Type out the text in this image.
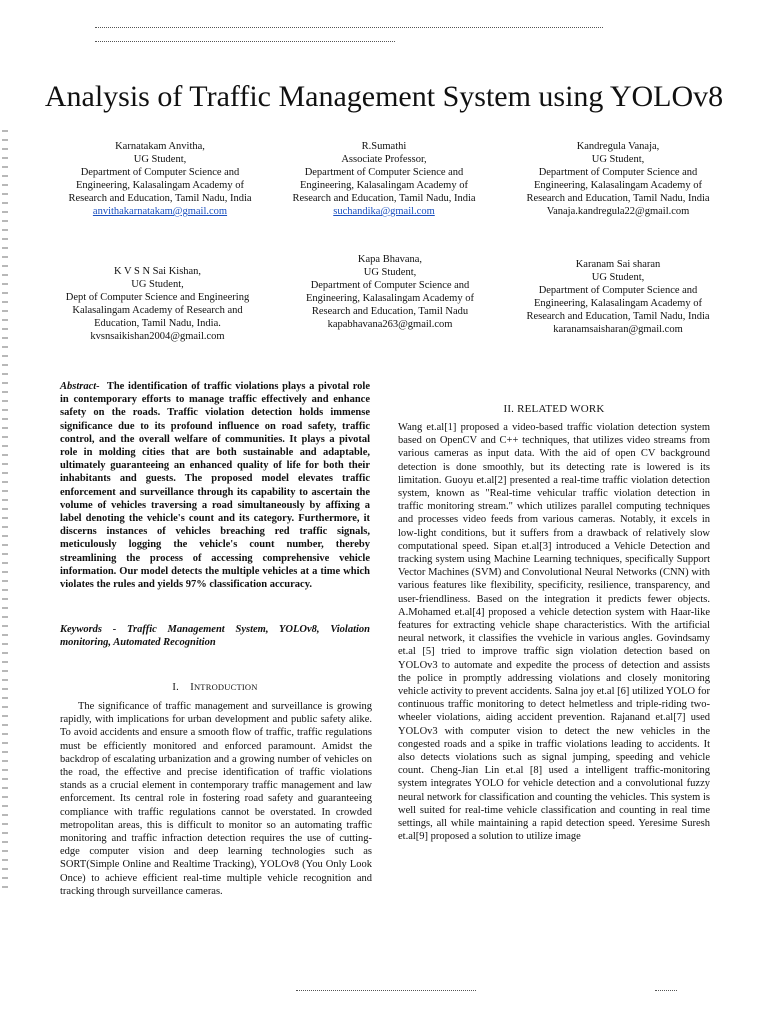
Analysis of Traffic Management System using YOLOv8
Karnatakam Anvitha,
UG Student,
Department of Computer Science and Engineering, Kalasalingam Academy of Research and Education, Tamil Nadu, India
anvithakarnatakam@gmail.com
R.Sumathi
Associate Professor,
Department of Computer Science and Engineering, Kalasalingam Academy of Research and Education, Tamil Nadu, India
suchandika@gmail.com
Kandregula Vanaja,
UG Student,
Department of Computer Science and Engineering, Kalasalingam Academy of Research and Education, Tamil Nadu, India
Vanaja.kandregula22@gmail.com
K V S N Sai Kishan,
UG Student,
Dept of Computer Science and Engineering Kalasalingam Academy of Research and Education, Tamil Nadu, India.
kvsnsaikishan2004@gmail.com
Kapa Bhavana,
UG Student,
Department of Computer Science and Engineering, Kalasalingam Academy of Research and Education, Tamil Nadu
kapabhavana263@gmail.com
Karanam Sai sharan
UG Student,
Department of Computer Science and Engineering, Kalasalingam Academy of Research and Education, Tamil Nadu, India
karanamsaisharan@gmail.com

Abstract- The identification of traffic violations plays a pivotal role in contemporary efforts to manage traffic effectively and enhance safety on the roads. Traffic violation detection holds immense significance due to its profound influence on road safety, traffic control, and the overall welfare of communities. It plays a pivotal role in molding cities that are both sustainable and adaptable, ultimately guaranteeing an enhanced quality of life for both their inhabitants and guests. The proposed model elevates traffic enforcement and surveillance through its capability to ascertain the volume of vehicles traversing a road simultaneously by affixing a label denoting the vehicle's count and its category. Furthermore, it discerns instances of vehicles breaching red traffic signals, meticulously logging the vehicle's count number, thereby streamlining the process of accessing comprehensive vehicle information. Our model detects the multiple vehicles at a time which violates the rules and yields 97% classification accuracy.

Keywords - Traffic Management System, YOLOv8, Violation monitoring, Automated Recognition
I. INTRODUCTION

The significance of traffic management and surveillance is growing rapidly, with implications for urban development and public safety alike. To avoid accidents and ensure a smooth flow of traffic, traffic regulations must be efficiently monitored and enforced paramount. Amidst the backdrop of escalating urbanization and a growing number of vehicles on the road, the effective and precise identification of traffic violations stands as a crucial element in contemporary traffic management and law enforcement. Its central role in fostering road safety and guaranteeing compliance with traffic regulations cannot be overstated. In crowded metropolitan areas, this is difficult to monitor so an automating traffic monitoring and traffic infraction detection requires the use of cutting-edge computer vision and deep learning technologies such as SORT(Simple Online and Realtime Tracking), YOLOv8 (You Only Look Once) to achieve efficient real-time multiple vehicle recognition and tracking through surveillance cameras.

II. RELATED WORK

Wang et.al[1] proposed a video-based traffic violation detection system based on OpenCV and C++ techniques, that utilizes video streams from various cameras as input data. With the aid of open CV background detection is done smoothly, but its detecting rate is lowered is its limitation. Guoyu et.al[2] presented a real-time traffic violation detection system, known as "Real-time vehicular traffic violation detection in traffic monitoring stream." which utilizes parallel computing techniques and processes video feeds from various cameras. Notably, it excels in low-light conditions, but it suffers from a drawback of relatively slow computational speed. Sipan et.al[3] introduced a Vehicle Detection and tracking system using Machine Learning techniques, specifically Support Vector Machines (SVM) and Convolutional Neural Networks (CNN) with various features like flexibility, specificity, resilience, transparency, and user-friendliness. Based on the integration it predicts fewer objects. A.Mohamed et.al[4] proposed a vehicle detection system with Haar-like features for extracting vehicle shape characteristics. With the artificial neural network, it classifies the vvehicle in various angles. Govindsamy et.al [5] tried to improve traffic sign violation detection based on YOLOv3 to automate and expedite the process of detection and assists the police in promptly addressing violations and closely monitoring vehicle activity to prevent accidents. Salna joy et.al [6] utilized YOLO for continuous traffic monitoring to detect helmetless and triple-riding two-wheeler violations, aiding accident prevention. Rajanand et.al[7] used YOLOv3 with computer vision to detect the new vehicles in the congested roads and a spike in traffic violations leading to accidents. It also detects violations such as signal jumping, speeding and vehicle count. Cheng-Jian Lin et.al [8] used a intelligent traffic-monitoring system integrates YOLO for vehicle detection and a convolutional fuzzy neural network for classification and counting the vehicles. This system is well suited for real-time vehicle classification and counting in real time settings, all while maintaining a rapid detection speed. Yeresime Suresh et.al[9] proposed a solution to utilize image
